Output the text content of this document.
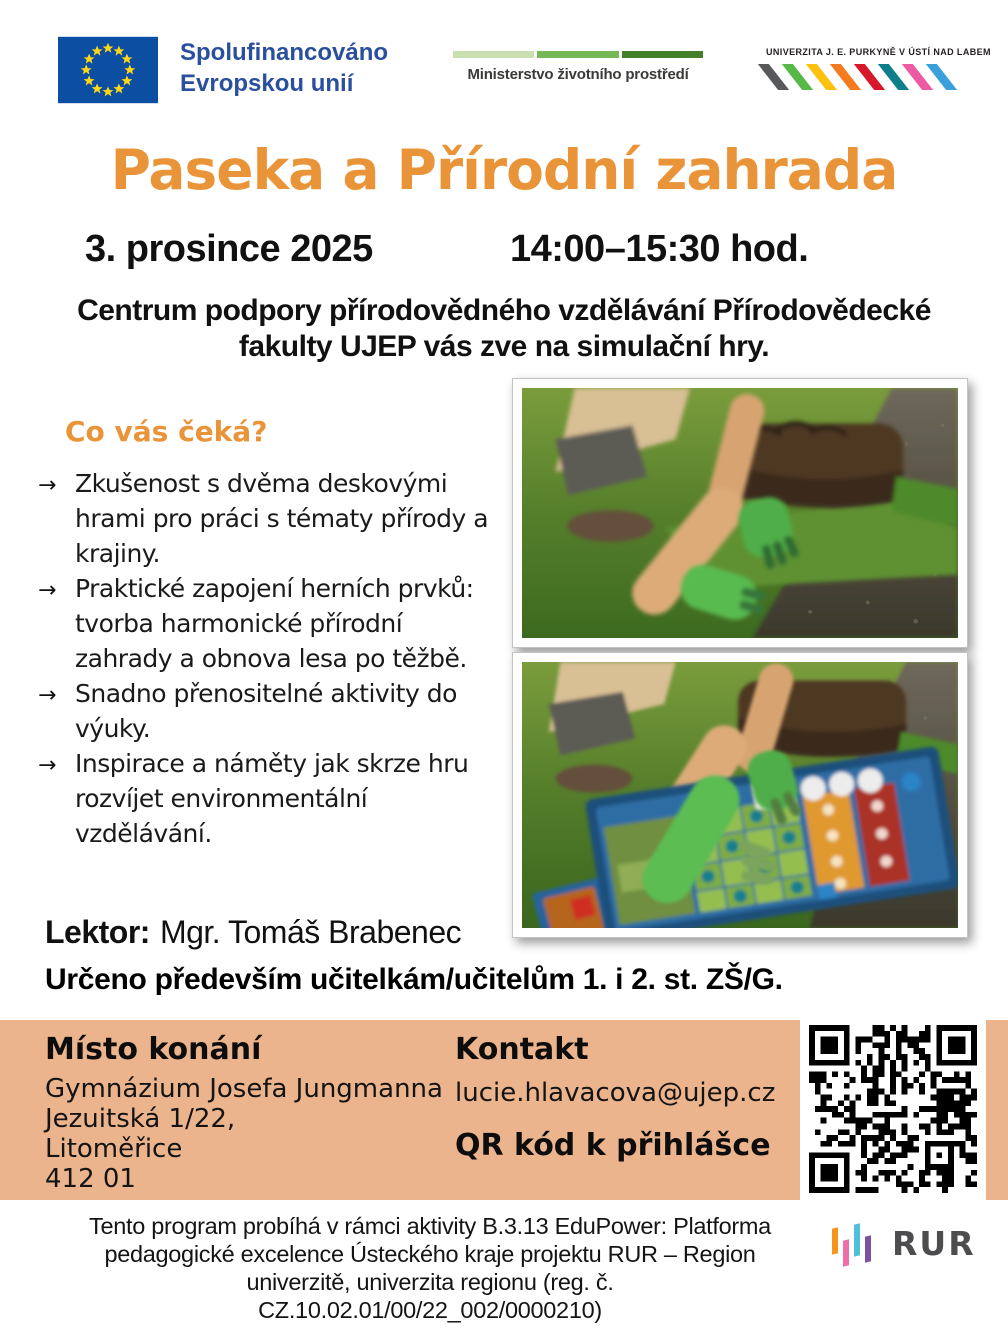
Spolufinancováno
Evropskou unií	Ministerstvo životního prostředí
UNIVERZITA J. E. PURKYNĚ V ÚSTÍ NAD LABEM
Paseka a Přírodní zahrada
3. prosince 2025	14:00–15:30 hod.
Centrum podpory přírodovědného vzdělávání Přírodovědecké
fakulty UJEP vás zve na simulační hry.
Co vás čeká?
→ Zkušenost s dvěma deskovými hrami pro práci s tématy přírody a krajiny.
→ Praktické zapojení herních prvků: tvorba harmonické přírodní zahrady a obnova lesa po těžbě.
→ Snadno přenositelné aktivity do výuky.
→ Inspirace a náměty jak skrze hru rozvíjet environmentální vzdělávání.
Lektor: Mgr. Tomáš Brabenec
Určeno především učitelkám/učitelům 1. i 2. st. ZŠ/G.
Místo konání
Gymnázium Josefa Jungmanna
Jezuitská 1/22,
Litoměřice
412 01
Kontakt
lucie.hlavacova@ujep.cz
QR kód k přihlášce
Tento program probíhá v rámci aktivity B.3.13 EduPower: Platforma
pedagogické excelence Ústeckého kraje projektu RUR – Region
univerzitě, univerzita regionu (reg. č.
CZ.10.02.01/00/22_002/0000210)
RUR
